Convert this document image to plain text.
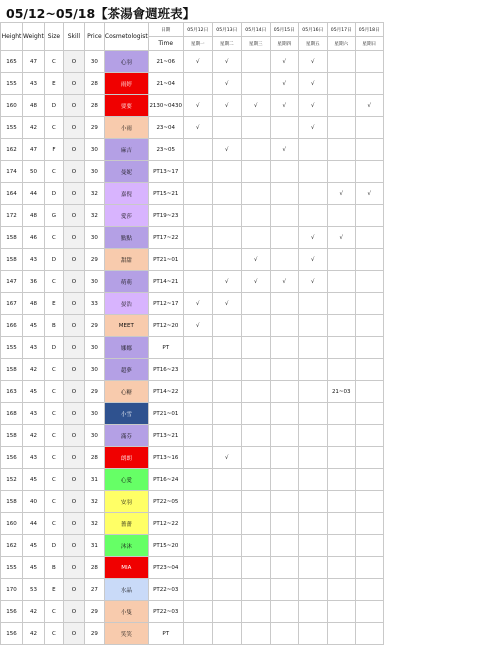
05/12~05/18【茶湯會週班表】
Height	Weight	Size	Skill	Price	Cosmetologist	日期	05月12日	05月13日	05月14日	05月15日	05月16日	05月17日	05月18日
						Time	星期一	星期二	星期三	星期四	星期五	星期六	星期日
165	47	C	O	30	心羽	21~06	√	√		√	√		
155	43	E	O	28	雨婷	21~04		√		√	√		
160	48	D	O	28	要要	2130~0430	√	√	√	√	√		√
155	42	C	O	29	小雨	23~04	√				√		
162	47	F	O	30	麻吉	23~05		√		√			
174	50	C	O	30	曼妮	PT13~17							
164	44	D	O	32	嘉倪	PT15~21						√	√
172	48	G	O	32	愛莎	PT19~23							
158	46	C	O	30	點點	PT17~22					√	√	
158	43	D	O	29	甜甜	PT21~01			√		√		
147	36	C	O	30	萌萌	PT14~21		√	√	√	√		
167	48	E	O	33	晏浩	PT12~17	√	√					
166	45	B	O	29	MEET	PT12~20	√						
155	43	D	O	30	娜娜	PT							
158	42	C	O	30	超夢	PT16~23							
163	45	C	O	29	心糖	PT14~22						21~03	
168	43	C	O	30	小雪	PT21~01							
158	42	C	O	30	滿芬	PT13~21							
156	43	C	O	28	朗朗	PT13~16		√					
152	45	C	O	31	心愛	PT16~24							
158	40	C	O	32	安羽	PT22~05							
160	44	C	O	32	薔薔	PT12~22							
162	45	D	O	31	沐沐	PT15~20							
155	45	B	O	28	MIA	PT23~04							
170	53	E	O	27	水晶	PT22~03							
156	42	C	O	29	小隻	PT22~03							
156	42	C	O	29	笑笑	PT							
